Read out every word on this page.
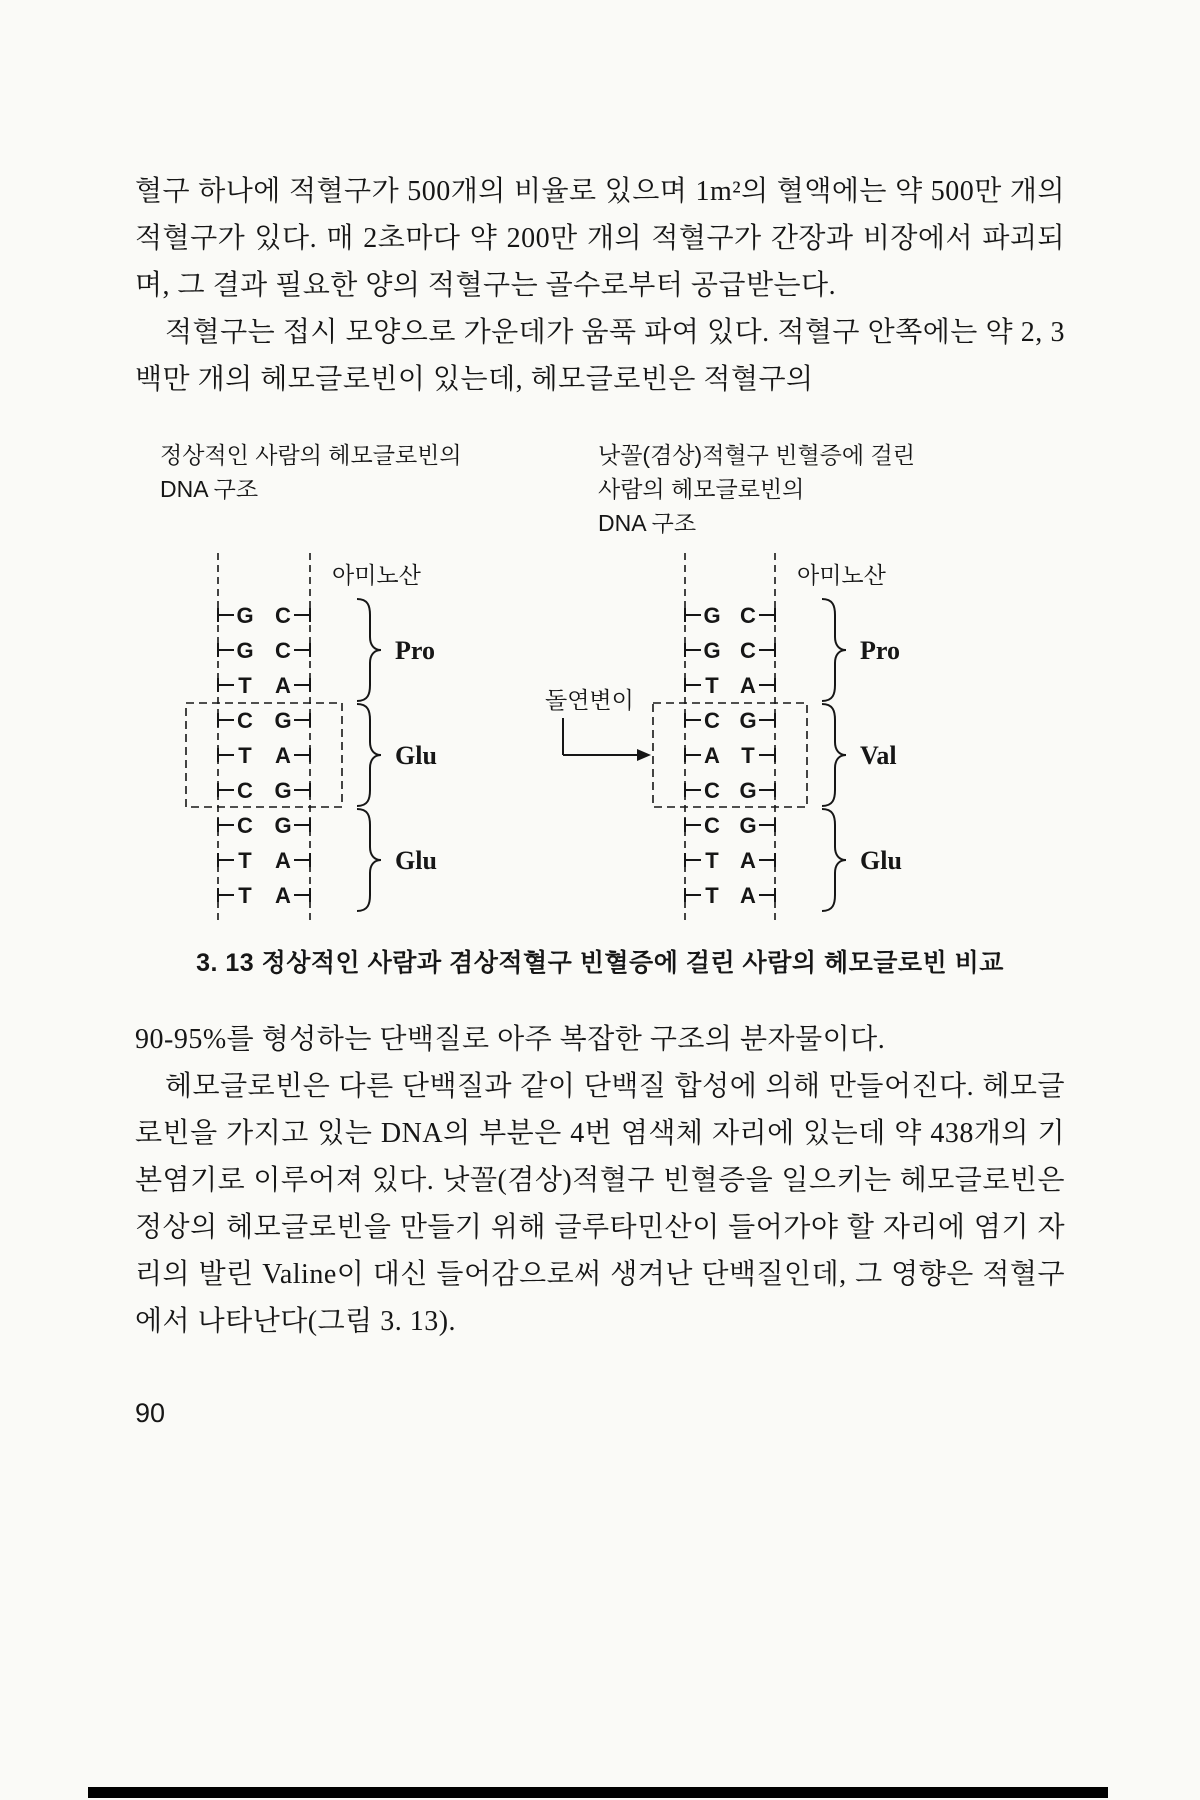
혈구 하나에 적혈구가 500개의 비율로 있으며 1m²의 혈액에는 약 500만 개의 적혈구가 있다. 매 2초마다 약 200만 개의 적혈구가 간장과 비장에서 파괴되며, 그 결과 필요한 양의 적혈구는 골수로부터 공급받는다.

적혈구는 접시 모양으로 가운데가 움푹 파여 있다. 적혈구 안쪽에는 약 2, 3백만 개의 헤모글로빈이 있는데, 헤모글로빈은 적혈구의

정상적인 사람의 헤모글로빈의
DNA 구조
낫꼴(겸상)적혈구 빈혈증에 걸린
사람의 헤모글로빈의
DNA 구조
아미노산
G C
G C
T A
Pro
C G
T A
C G
Glu
C G
T A
T A
Glu
아미노산
G C
G C
T A
Pro
C G
A T
C G
Val
C G
T A
T A
Glu
돌연변이
3. 13 정상적인 사람과 겸상적혈구 빈혈증에 걸린 사람의 헤모글로빈 비교

90-95%를 형성하는 단백질로 아주 복잡한 구조의 분자물이다.

헤모글로빈은 다른 단백질과 같이 단백질 합성에 의해 만들어진다. 헤모글로빈을 가지고 있는 DNA의 부분은 4번 염색체 자리에 있는데 약 438개의 기본염기로 이루어져 있다. 낫꼴(겸상)적혈구 빈혈증을 일으키는 헤모글로빈은 정상의 헤모글로빈을 만들기 위해 글루타민산이 들어가야 할 자리에 염기 자리의 발린 Valine이 대신 들어감으로써 생겨난 단백질인데, 그 영향은 적혈구에서 나타난다(그림 3. 13).

90
